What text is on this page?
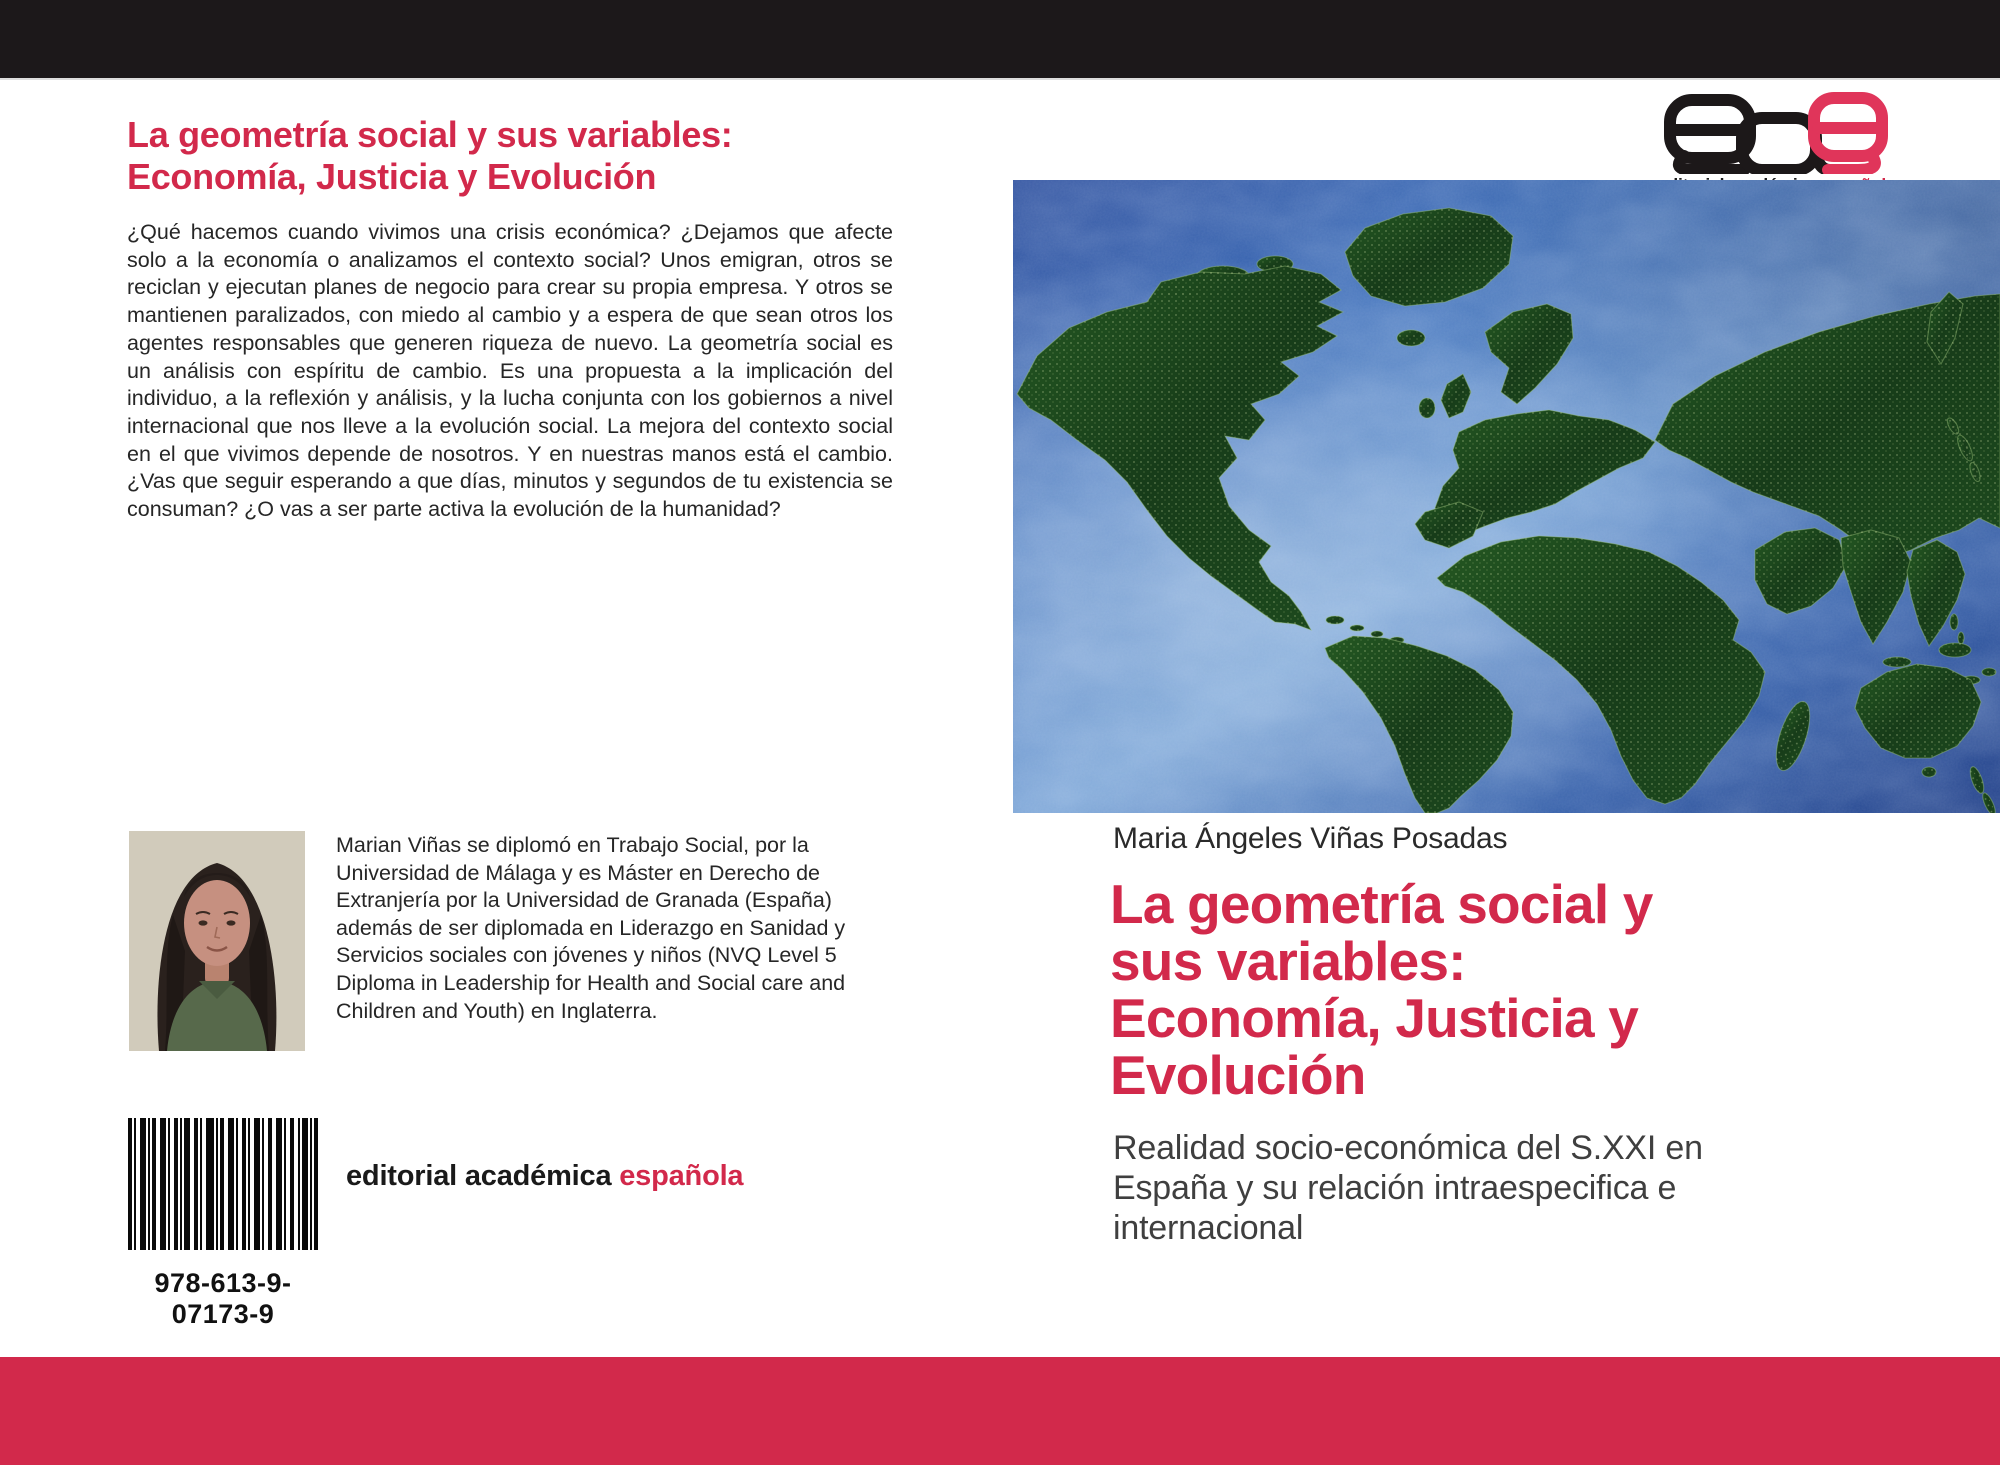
La geometría social y sus variables:
Economía, Justicia y Evolución
¿Qué hacemos cuando vivimos una crisis económica? ¿Dejamos que afecte solo a la economía o analizamos el contexto social? Unos emigran, otros se reciclan y ejecutan planes de negocio para crear su propia empresa. Y otros se mantienen paralizados, con miedo al cambio y a espera de que sean otros los agentes responsables que generen riqueza de nuevo. La geometría social es un análisis con espíritu de cambio. Es una propuesta a la implicación del individuo, a la reflexión y análisis, y la lucha conjunta con los gobiernos a nivel internacional que nos lleve a la evolución social. La mejora del contexto social en el que vivimos depende de nosotros. Y en nuestras manos está el cambio. ¿Vas que seguir esperando a que días, minutos y segundos de tu existencia se consuman? ¿O vas a ser parte activa la evolución de la humanidad?
Marian Viñas se diplomó en Trabajo Social, por la Universidad de Málaga y es Máster en Derecho de Extranjería por la Universidad de Granada (España) además de ser diplomada en Liderazgo en Sanidad y Servicios sociales con jóvenes y niños (NVQ Level 5 Diploma in Leadership for Health and Social care and Children and Youth) en Inglaterra.
978-613-9-07173-9
editorial académica española
Maria Ángeles Viñas Posadas
La geometría social y
sus variables:
Economía, Justicia y
Evolución
Realidad socio-económica del S.XXI en
España y su relación intraespecifica e
internacional
